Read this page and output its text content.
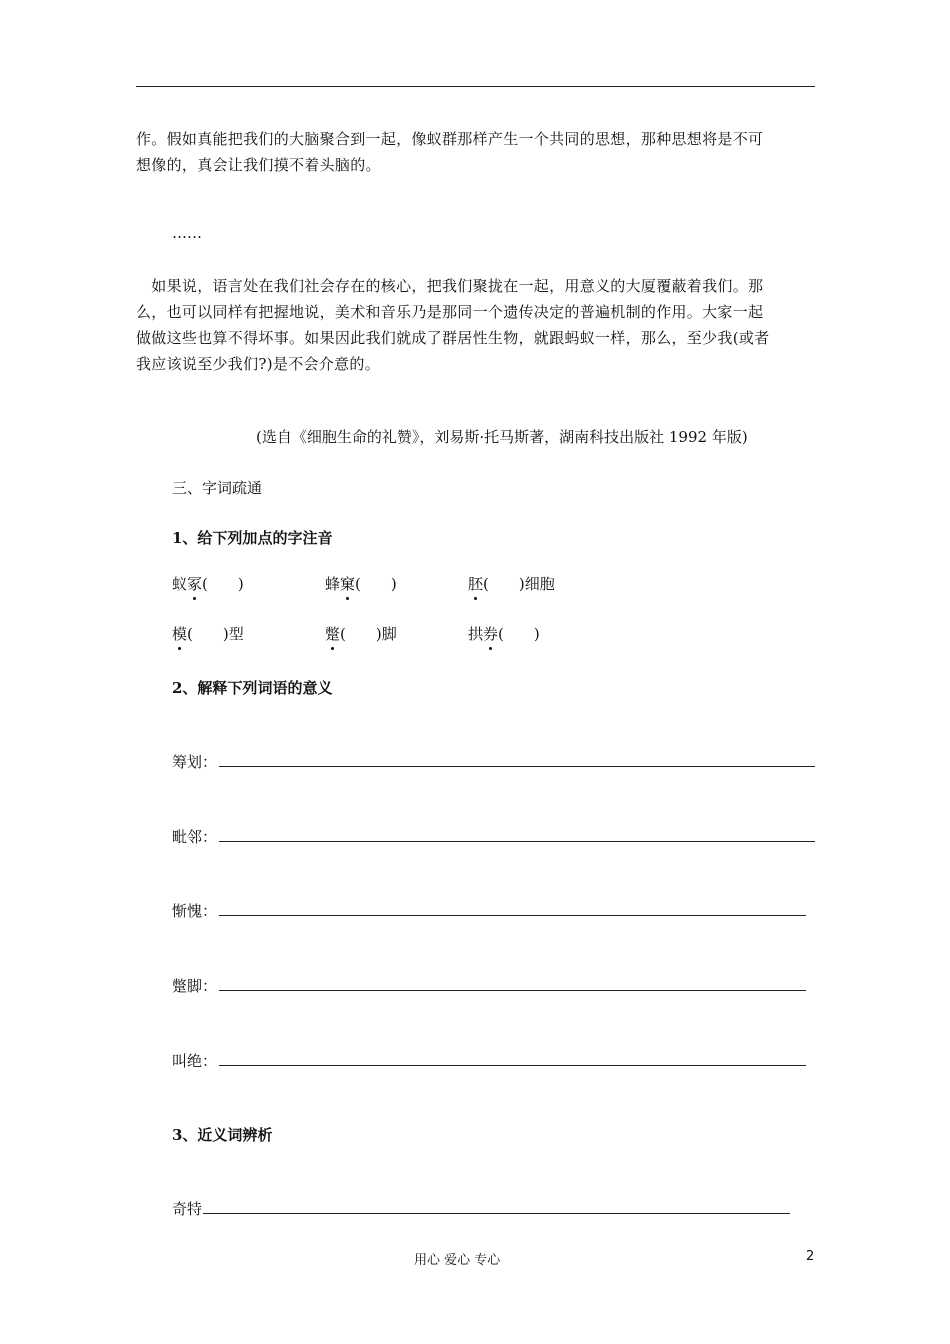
作。假如真能把我们的大脑聚合到一起，像蚁群那样产生一个共同的思想，那种思想将是不可
想像的，真会让我们摸不着头脑的。
……
　如果说，语言处在我们社会存在的核心，把我们聚拢在一起，用意义的大厦覆蔽着我们。那
么，也可以同样有把握地说，美术和音乐乃是那同一个遗传决定的普遍机制的作用。大家一起
做做这些也算不得坏事。如果因此我们就成了群居性生物，就跟蚂蚁一样，那么，至少我(或者
我应该说至少我们?)是不会介意的。
(选自《细胞生命的礼赞》，刘易斯·托马斯著，湖南科技出版社 1992 年版)
三、字词疏通
1、给下列加点的字注音
蚁冢(　　)	蜂窠(　　)	胚(　　)细胞
模(　　)型	蹩(　　)脚	拱券(　　)
2、解释下列词语的意义
筹划：
毗邻：
惭愧：
蹩脚：
叫绝：
3、近义词辨析
奇特
用心 爱心 专心	2
